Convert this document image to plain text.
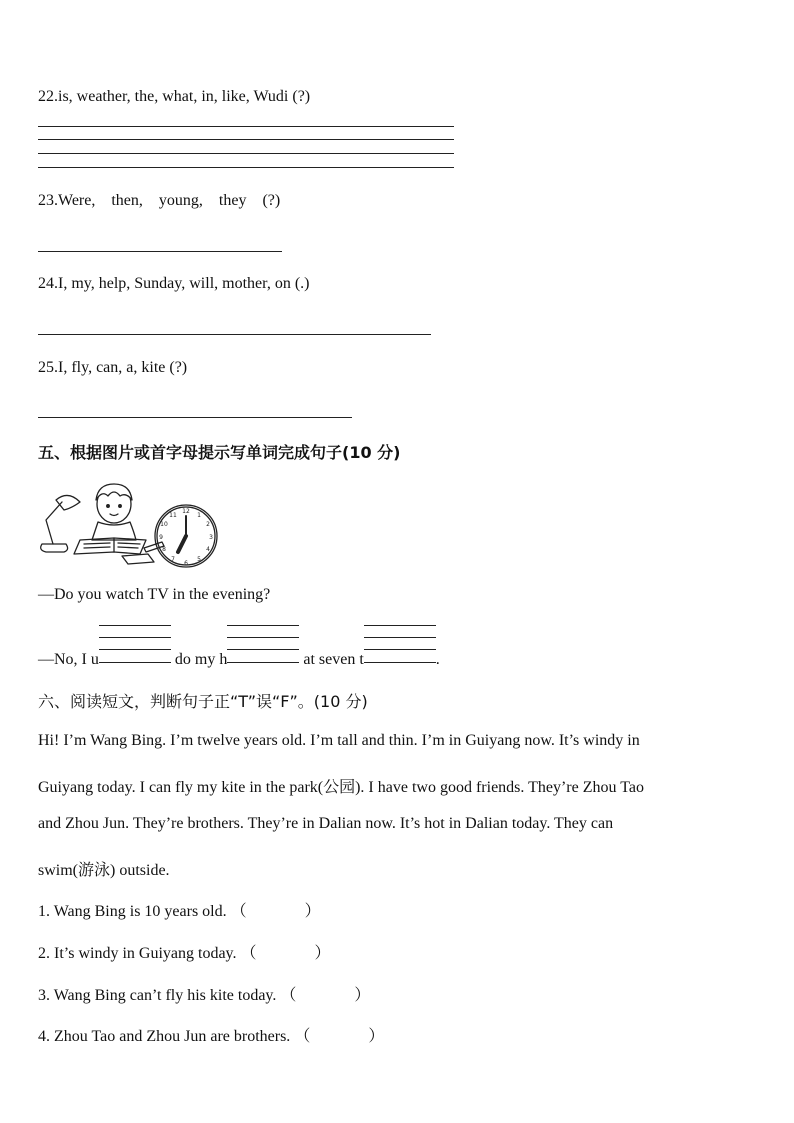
22.is, weather, the, what, in, like, Wudi (?)
23.Were,    then,    young,    they    (?)
24.I, my, help, Sunday, will, mother, on (.)
25.I, fly, can, a, kite (?)
五、根据图片或首字母提示写单词完成句子(10 分)
12
1
2
3
4
5
6
7
8
9
10
11
—Do you watch TV in the evening?
—No, I u	do my h	at seven t	.
六、阅读短文，判断句子正“T”误“F”。(10 分)
Hi! I’m Wang Bing. I’m twelve years old. I’m tall and thin. I’m in Guiyang now. It’s windy in
Guiyang today. I can fly my kite in the park(公园). I have two good friends. They’re Zhou Tao
and Zhou Jun. They’re brothers. They’re in Dalian now. It’s hot in Dalian today. They can
swim(游泳) outside.
1. Wang Bing is 10 years old. （	）
2. It’s windy in Guiyang today. （	）
3. Wang Bing can’t fly his kite today. （	）
4. Zhou Tao and Zhou Jun are brothers. （	）
